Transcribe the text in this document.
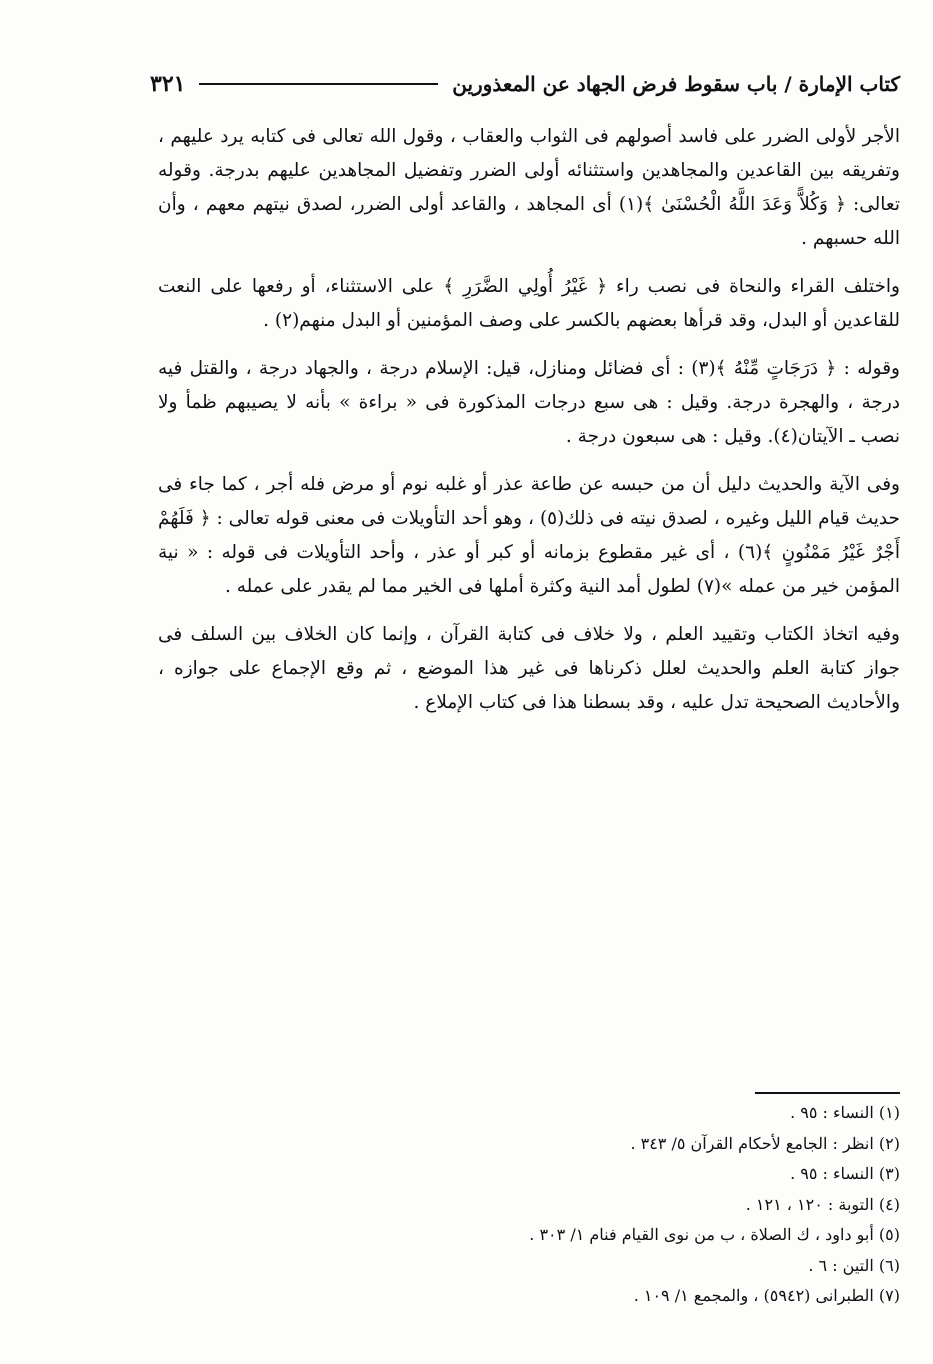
كتاب الإمارة / باب سقوط فرض الجهاد عن المعذورين
٣٢١

الأجر لأولى الضرر على فاسد أصولهم فى الثواب والعقاب ، وقول الله تعالى فى كتابه يرد عليهم ، وتفريقه بين القاعدين والمجاهدين واستثنائه أولى الضرر وتفضيل المجاهدين عليهم بدرجة. وقوله تعالى: ﴿ وَكُلاًّ وَعَدَ اللَّهُ الْحُسْنَىٰ ﴾(١) أى المجاهد ، والقاعد أولى الضرر، لصدق نيتهم معهم ، وأن الله حسبهم .

واختلف القراء والنحاة فى نصب راء ﴿ غَيْرُ أُولِي الضَّرَرِ ﴾ على الاستثناء، أو رفعها على النعت للقاعدين أو البدل، وقد قرأها بعضهم بالكسر على وصف المؤمنين أو البدل منهم(٢) .

وقوله : ﴿ دَرَجَاتٍ مِّنْهُ ﴾(٣) : أى فضائل ومنازل، قيل: الإسلام درجة ، والجهاد درجة ، والقتل فيه درجة ، والهجرة درجة. وقيل : هى سبع درجات المذكورة فى « براءة » بأنه لا يصيبهم ظمأ ولا نصب ـ الآيتان(٤). وقيل : هى سبعون درجة .

وفى الآية والحديث دليل أن من حبسه عن طاعة عذر أو غلبه نوم أو مرض فله أجر ، كما جاء فى حديث قيام الليل وغيره ، لصدق نيته فى ذلك(٥) ، وهو أحد التأويلات فى معنى قوله تعالى : ﴿ فَلَهُمْ أَجْرٌ غَيْرُ مَمْنُونٍ ﴾(٦) ، أى غير مقطوع بزمانه أو كبر أو عذر ، وأحد التأويلات فى قوله : « نية المؤمن خير من عمله »(٧) لطول أمد النية وكثرة أملها فى الخير مما لم يقدر على عمله .

وفيه اتخاذ الكتاب وتقييد العلم ، ولا خلاف فى كتابة القرآن ، وإنما كان الخلاف بين السلف فى جواز كتابة العلم والحديث لعلل ذكرناها فى غير هذا الموضع ، ثم وقع الإجماع على جوازه ، والأحاديث الصحيحة تدل عليه ، وقد بسطنا هذا فى كتاب الإملاع .

(١) النساء : ٩٥ .
(٢) انظر : الجامع لأحكام القرآن ٥/ ٣٤٣ .
(٣) النساء : ٩٥ .
(٤) التوبة : ١٢٠ ، ١٢١ .
(٥) أبو داود ، ك الصلاة ، ب من نوى القيام فنام ١/ ٣٠٣ .
(٦) التين : ٦ .
(٧) الطبرانى (٥٩٤٢) ، والمجمع ١/ ١٠٩ .
